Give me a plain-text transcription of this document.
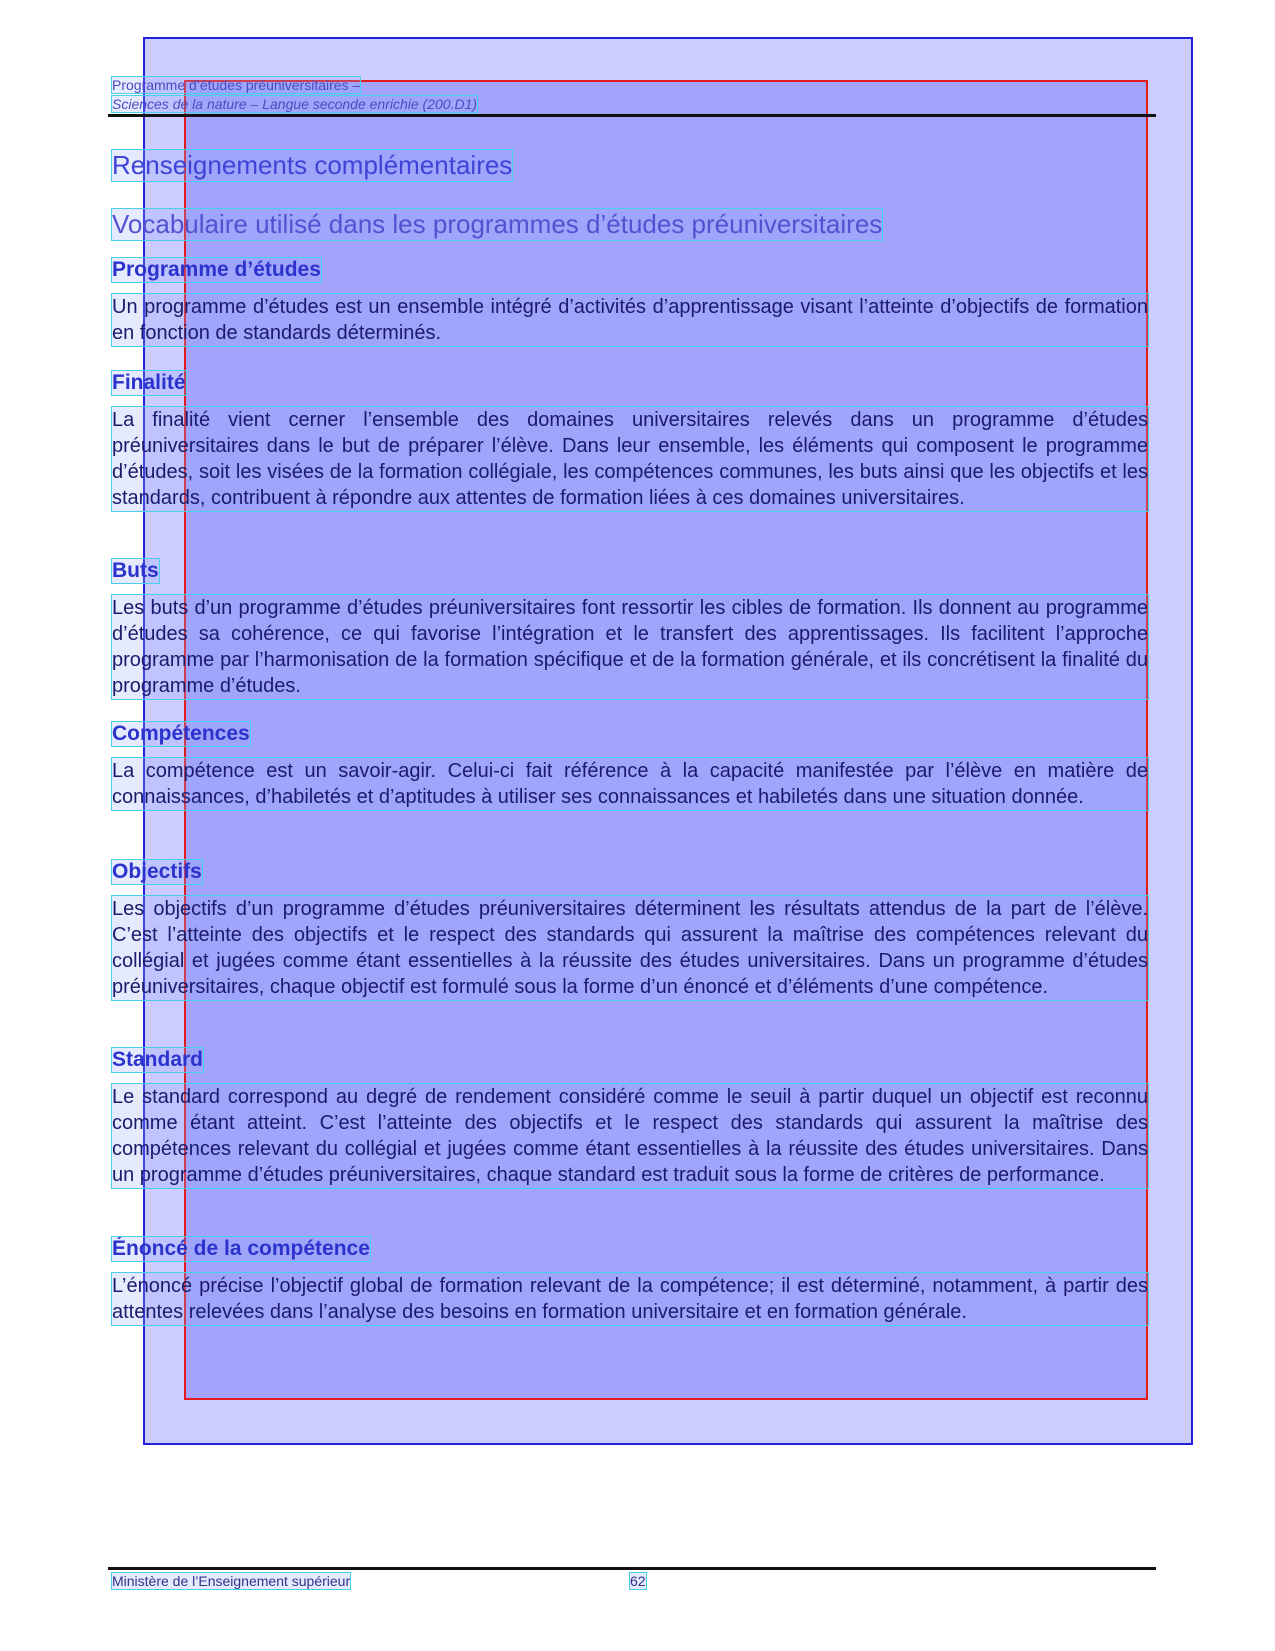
Programme d’études préuniversitaires –
Sciences de la nature – Langue seconde enrichie (200.D1)
Renseignements complémentaires
Vocabulaire utilisé dans les programmes d’études préuniversitaires
Programme d’études
Un programme d’études est un ensemble intégré d’activités d’apprentissage visant l’atteinte d’objectifs de formation en fonction de standards déterminés.
Finalité
La finalité vient cerner l’ensemble des domaines universitaires relevés dans un programme d’études préuniversitaires dans le but de préparer l’élève. Dans leur ensemble, les éléments qui composent le programme d’études, soit les visées de la formation collégiale, les compétences communes, les buts ainsi que les objectifs et les standards, contribuent à répondre aux attentes de formation liées à ces domaines universitaires.
Buts
Les buts d’un programme d’études préuniversitaires font ressortir les cibles de formation. Ils donnent au programme d’études sa cohérence, ce qui favorise l’intégration et le transfert des apprentissages. Ils facilitent l’approche programme par l’harmonisation de la formation spécifique et de la formation générale, et ils concrétisent la finalité du programme d’études.
Compétences
La compétence est un savoir-agir. Celui-ci fait référence à la capacité manifestée par l’élève en matière de connaissances, d’habiletés et d’aptitudes à utiliser ses connaissances et habiletés dans une situation donnée.
Objectifs
Les objectifs d’un programme d’études préuniversitaires déterminent les résultats attendus de la part de l’élève. C’est l’atteinte des objectifs et le respect des standards qui assurent la maîtrise des compétences relevant du collégial et jugées comme étant essentielles à la réussite des études universitaires. Dans un programme d’études préuniversitaires, chaque objectif est formulé sous la forme d’un énoncé et d’éléments d’une compétence.
Standard
Le standard correspond au degré de rendement considéré comme le seuil à partir duquel un objectif est reconnu comme étant atteint. C’est l’atteinte des objectifs et le respect des standards qui assurent la maîtrise des compétences relevant du collégial et jugées comme étant essentielles à la réussite des études universitaires. Dans un programme d’études préuniversitaires, chaque standard est traduit sous la forme de critères de performance.
Énoncé de la compétence
L’énoncé précise l’objectif global de formation relevant de la compétence; il est déterminé, notamment, à partir des attentes relevées dans l’analyse des besoins en formation universitaire et en formation générale.
Ministère de l’Enseignement supérieur	62
